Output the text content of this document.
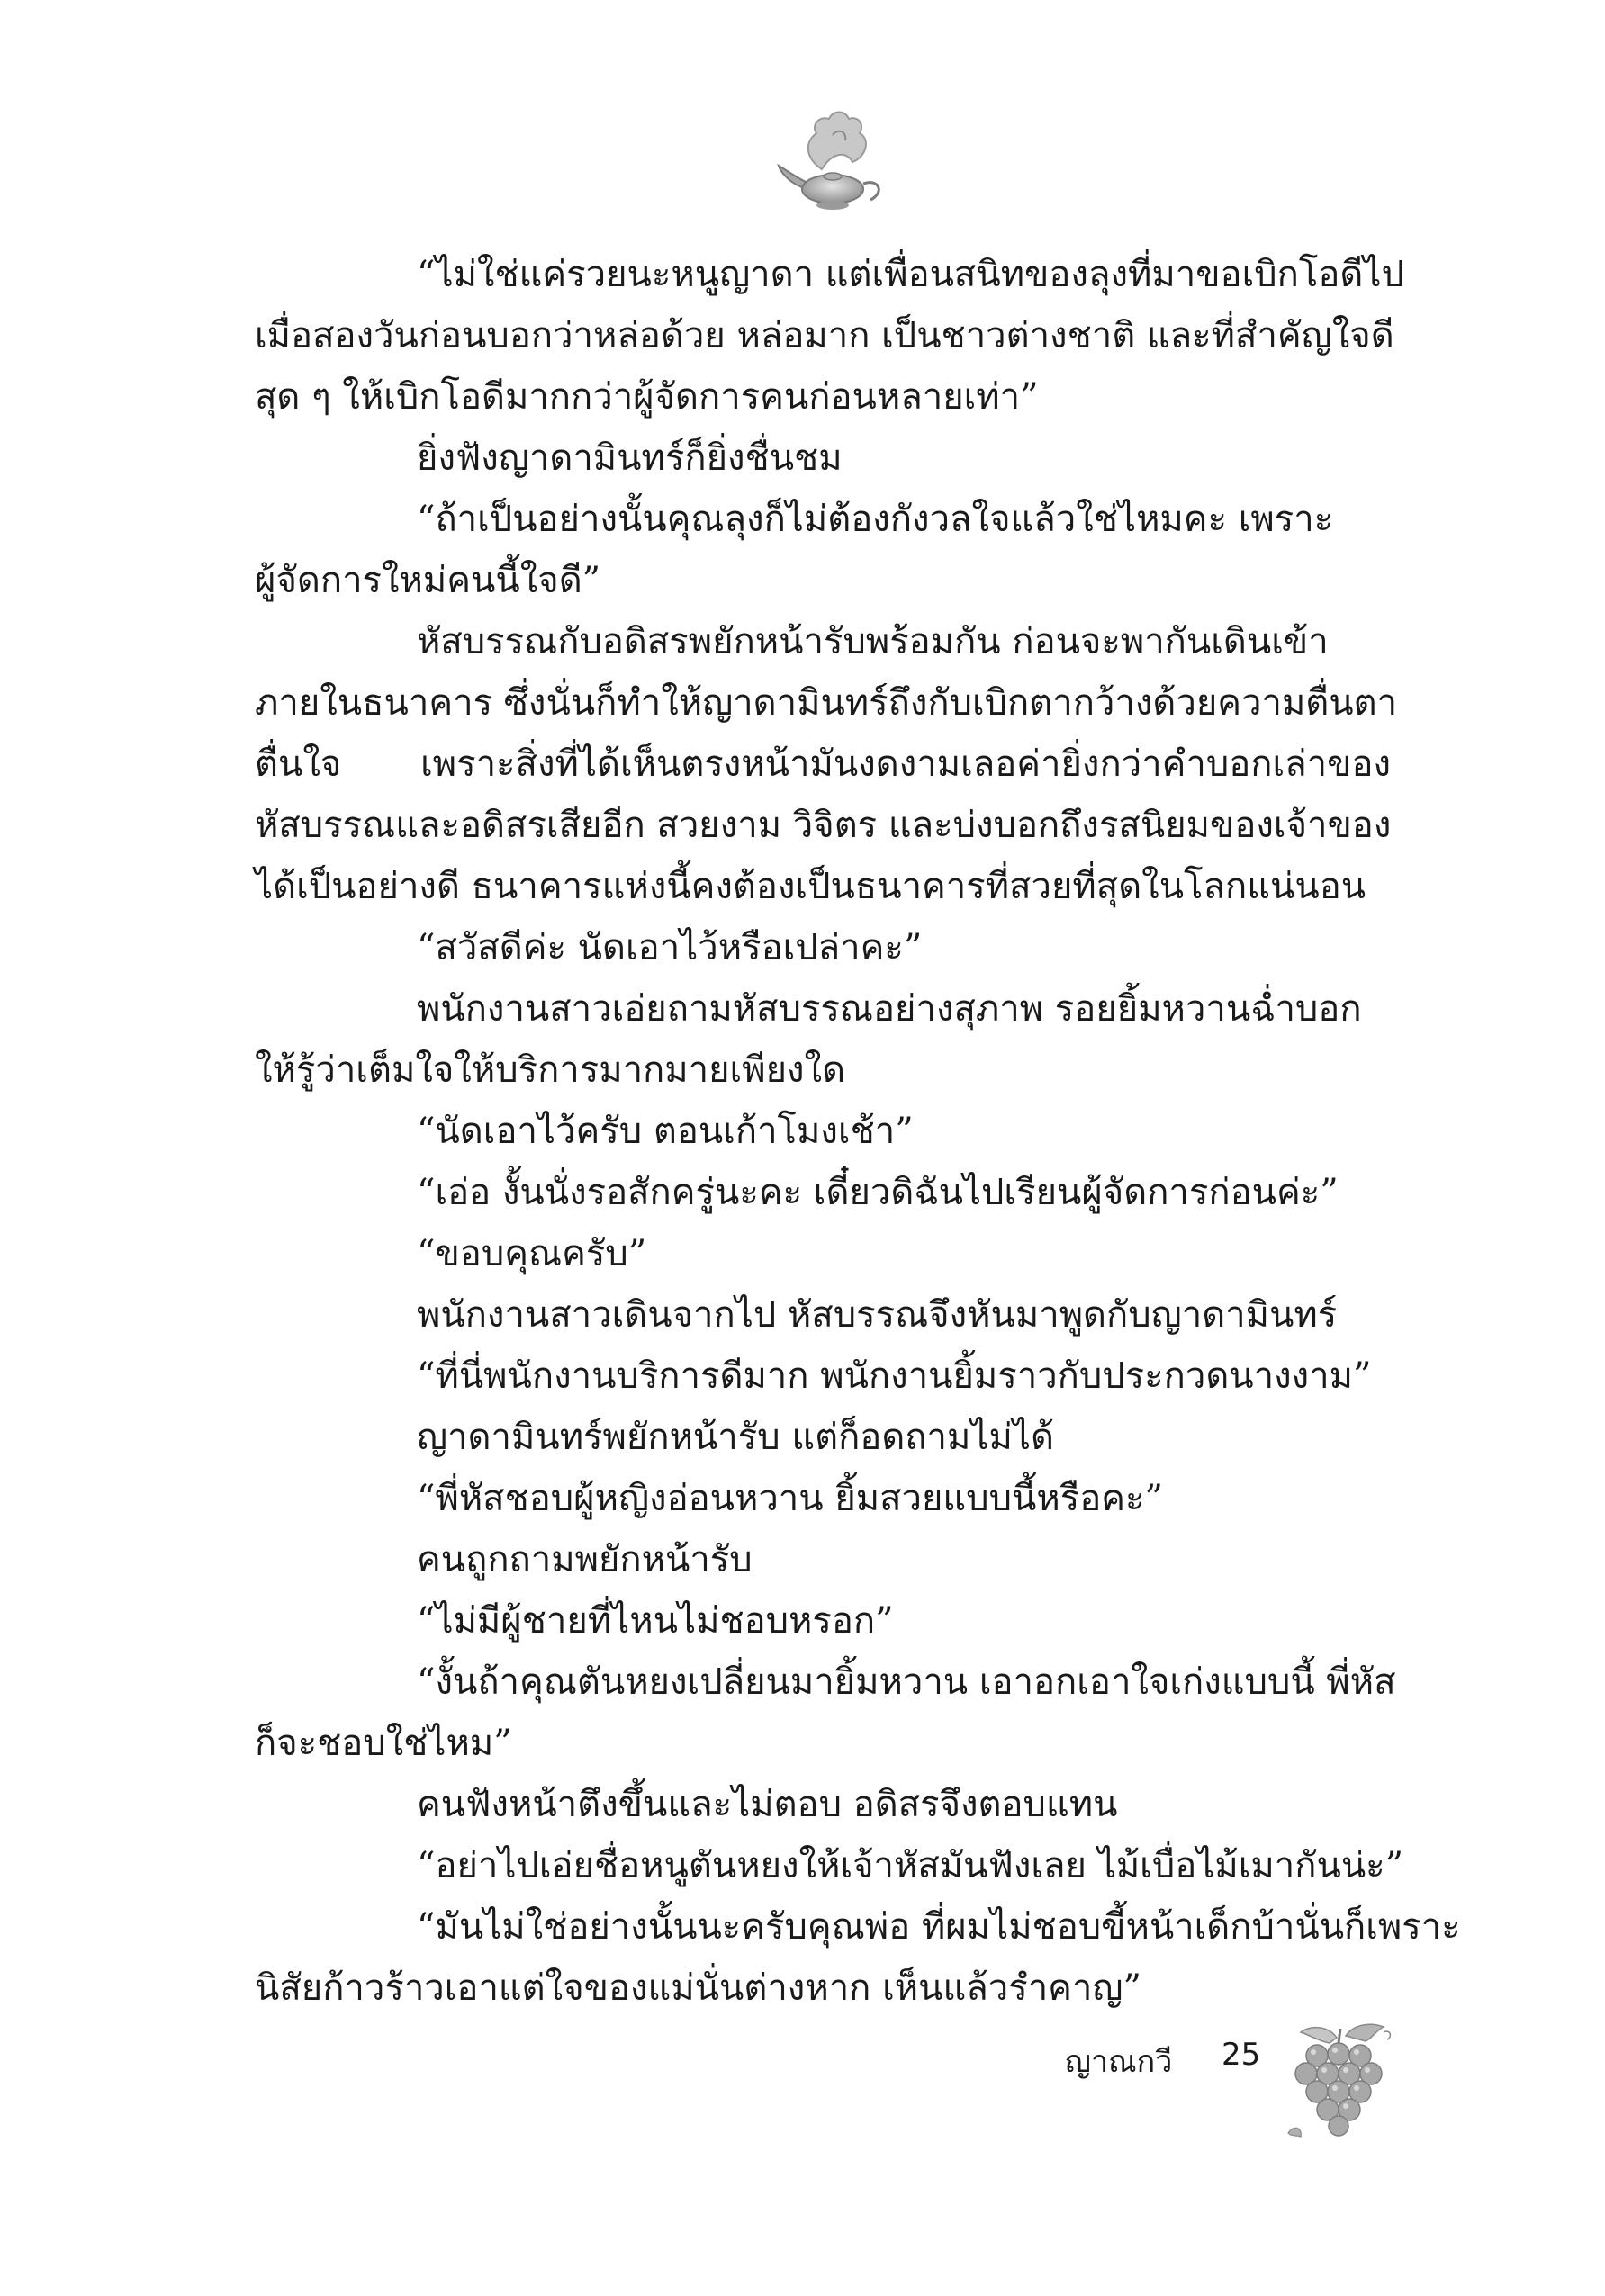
“ไม่ใช่แค่รวยนะหนูญาดา แต่เพื่อนสนิทของลุงที่มาขอเบิกโอดีไป
เมื่อสองวันก่อนบอกว่าหล่อด้วย หล่อมาก เป็นชาวต่างชาติ และที่สำคัญใจดี
สุด ๆ ให้เบิกโอดีมากกว่าผู้จัดการคนก่อนหลายเท่า”
ยิ่งฟังญาดามินทร์ก็ยิ่งชื่นชม
“ถ้าเป็นอย่างนั้นคุณลุงก็ไม่ต้องกังวลใจแล้วใช่ไหมคะ เพราะ
ผู้จัดการใหม่คนนี้ใจดี”
หัสบรรณกับอดิสรพยักหน้ารับพร้อมกัน ก่อนจะพากันเดินเข้า
ภายในธนาคาร ซึ่งนั่นก็ทำให้ญาดามินทร์ถึงกับเบิกตากว้างด้วยความตื่นตา
ตื่นใจ เพราะสิ่งที่ได้เห็นตรงหน้ามันงดงามเลอค่ายิ่งกว่าคำบอกเล่าของ
หัสบรรณและอดิสรเสียอีก สวยงาม วิจิตร และบ่งบอกถึงรสนิยมของเจ้าของ
ได้เป็นอย่างดี ธนาคารแห่งนี้คงต้องเป็นธนาคารที่สวยที่สุดในโลกแน่นอน
“สวัสดีค่ะ นัดเอาไว้หรือเปล่าคะ”
พนักงานสาวเอ่ยถามหัสบรรณอย่างสุภาพ รอยยิ้มหวานฉ่ำบอก
ให้รู้ว่าเต็มใจให้บริการมากมายเพียงใด
“นัดเอาไว้ครับ ตอนเก้าโมงเช้า”
“เอ่อ งั้นนั่งรอสักครู่นะคะ เดี๋ยวดิฉันไปเรียนผู้จัดการก่อนค่ะ”
“ขอบคุณครับ”
พนักงานสาวเดินจากไป หัสบรรณจึงหันมาพูดกับญาดามินทร์
“ที่นี่พนักงานบริการดีมาก พนักงานยิ้มราวกับประกวดนางงาม”
ญาดามินทร์พยักหน้ารับ แต่ก็อดถามไม่ได้
“พี่หัสชอบผู้หญิงอ่อนหวาน ยิ้มสวยแบบนี้หรือคะ”
คนถูกถามพยักหน้ารับ
“ไม่มีผู้ชายที่ไหนไม่ชอบหรอก”
“งั้นถ้าคุณตันหยงเปลี่ยนมายิ้มหวาน เอาอกเอาใจเก่งแบบนี้ พี่หัส
ก็จะชอบใช่ไหม”
คนฟังหน้าตึงขึ้นและไม่ตอบ อดิสรจึงตอบแทน
“อย่าไปเอ่ยชื่อหนูตันหยงให้เจ้าหัสมันฟังเลย ไม้เบื่อไม้เมากันน่ะ”
“มันไม่ใช่อย่างนั้นนะครับคุณพ่อ ที่ผมไม่ชอบขี้หน้าเด็กบ้านั่นก็เพราะ
นิสัยก้าวร้าวเอาแต่ใจของแม่นั่นต่างหาก เห็นแล้วรำคาญ”
ญาณกวี 25
